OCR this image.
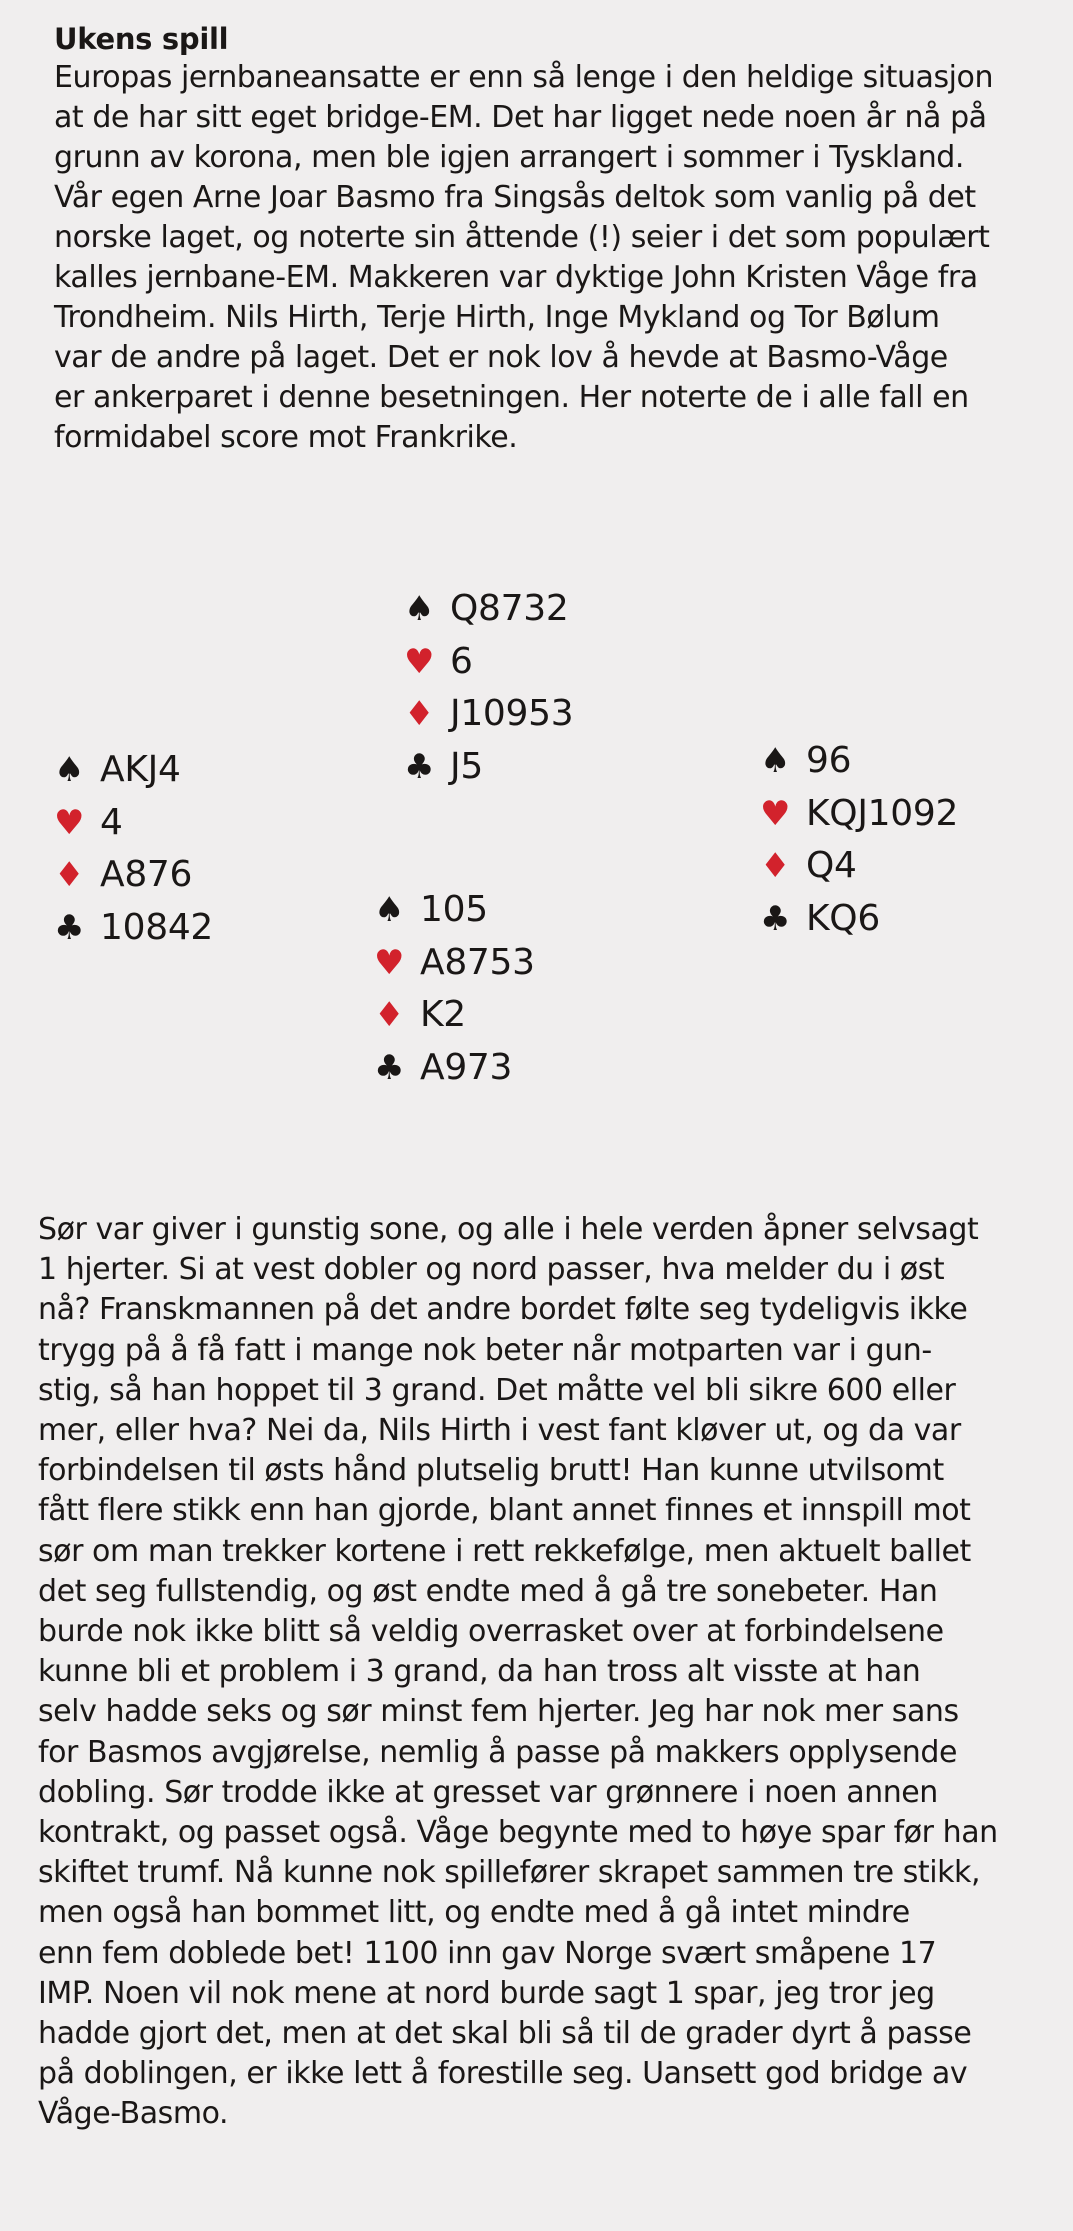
Ukens spill
Europas jernbaneansatte er enn så lenge i den heldige situasjon
at de har sitt eget bridge-EM. Det har ligget nede noen år nå på
grunn av korona, men ble igjen arrangert i sommer i Tyskland.
Vår egen Arne Joar Basmo fra Singsås deltok som vanlig på det
norske laget, og noterte sin åttende (!) seier i det som populært
kalles jernbane-EM. Makkeren var dyktige John Kristen Våge fra
Trondheim. Nils Hirth, Terje Hirth, Inge Mykland og Tor Bølum
var de andre på laget. Det er nok lov å hevde at Basmo-Våge
er ankerparet i denne besetningen. Her noterte de i alle fall en
formidabel score mot Frankrike.
♠ Q8732
♥ 6
♦ J10953
♣ J5
♠ AKJ4
♥ 4
♦ A876
♣ 10842
♠ 96
♥ KQJ1092
♦ Q4
♣ KQ6
♠ 105
♥ A8753
♦ K2
♣ A973
Sør var giver i gunstig sone, og alle i hele verden åpner selvsagt
1 hjerter. Si at vest dobler og nord passer, hva melder du i øst
nå? Franskmannen på det andre bordet følte seg tydeligvis ikke
trygg på å få fatt i mange nok beter når motparten var i gun-
stig, så han hoppet til 3 grand. Det måtte vel bli sikre 600 eller
mer, eller hva? Nei da, Nils Hirth i vest fant kløver ut, og da var
forbindelsen til østs hånd plutselig brutt! Han kunne utvilsomt
fått flere stikk enn han gjorde, blant annet finnes et innspill mot
sør om man trekker kortene i rett rekkefølge, men aktuelt ballet
det seg fullstendig, og øst endte med å gå tre sonebeter. Han
burde nok ikke blitt så veldig overrasket over at forbindelsene
kunne bli et problem i 3 grand, da han tross alt visste at han
selv hadde seks og sør minst fem hjerter. Jeg har nok mer sans
for Basmos avgjørelse, nemlig å passe på makkers opplysende
dobling. Sør trodde ikke at gresset var grønnere i noen annen
kontrakt, og passet også. Våge begynte med to høye spar før han
skiftet trumf. Nå kunne nok spillefører skrapet sammen tre stikk,
men også han bommet litt, og endte med å gå intet mindre
enn fem doblede bet! 1100 inn gav Norge svært småpene 17
IMP. Noen vil nok mene at nord burde sagt 1 spar, jeg tror jeg
hadde gjort det, men at det skal bli så til de grader dyrt å passe
på doblingen, er ikke lett å forestille seg. Uansett god bridge av
Våge-Basmo.
